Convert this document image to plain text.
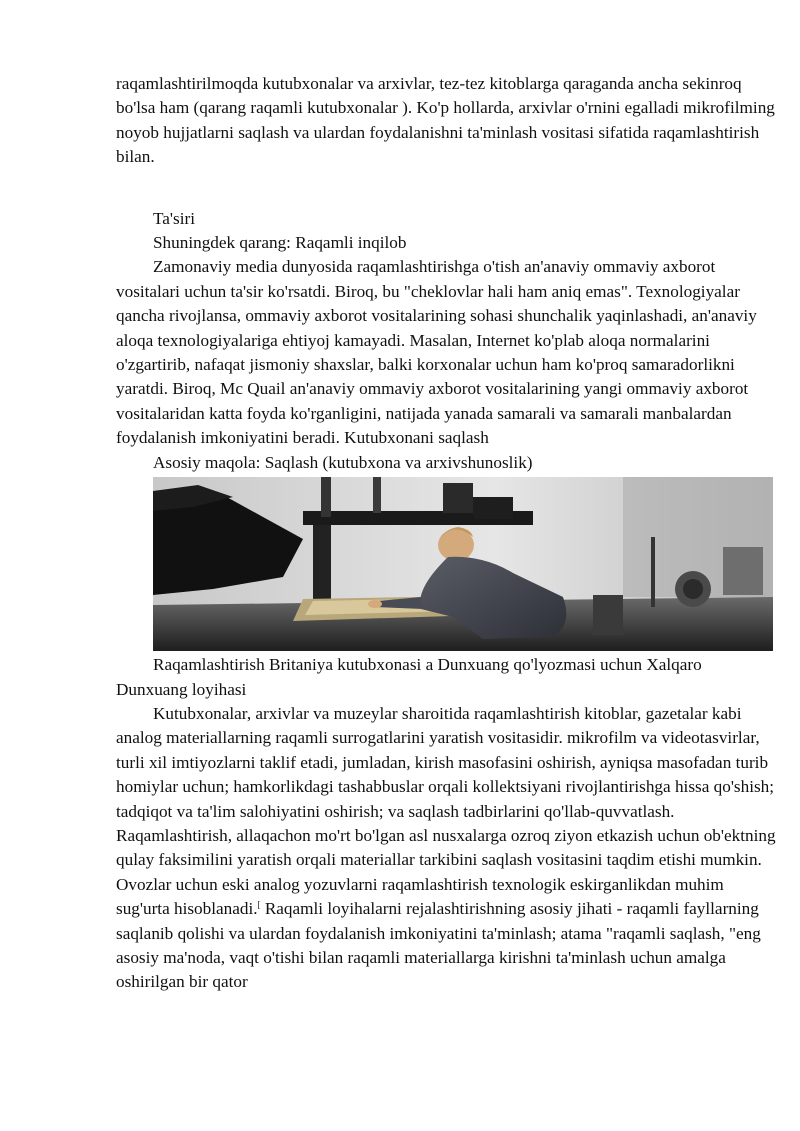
raqamlashtirilmoqda kutubxonalar va arxivlar, tez-tez kitoblarga qaraganda ancha sekinroq bo'lsa ham (qarang raqamli kutubxonalar ). Ko'p hollarda, arxivlar o'rnini egalladi mikrofilming noyob hujjatlarni saqlash va ulardan foydalanishni ta'minlash vositasi sifatida raqamlashtirish bilan.

Ta'siri

Shuningdek qarang: Raqamli inqilob

Zamonaviy media dunyosida raqamlashtirishga o'tish an'anaviy ommaviy axborot vositalari uchun ta'sir ko'rsatdi. Biroq, bu "cheklovlar hali ham aniq emas". Texnologiyalar qancha rivojlansa, ommaviy axborot vositalarining sohasi shunchalik yaqinlashadi, an'anaviy aloqa texnologiyalariga ehtiyoj kamayadi. Masalan, Internet ko'plab aloqa normalarini o'zgartirib, nafaqat jismoniy shaxslar, balki korxonalar uchun ham ko'proq samaradorlikni yaratdi. Biroq, Mc Quail an'anaviy ommaviy axborot vositalarining yangi ommaviy axborot vositalaridan katta foyda ko'rganligini, natijada yanada samarali va samarali manbalardan foydalanish imkoniyatini beradi. Kutubxonani saqlash

Asosiy maqola: Saqlash (kutubxona va arxivshunoslik)

Raqamlashtirish Britaniya kutubxonasi a Dunxuang qo'lyozmasi uchun Xalqaro Dunxuang loyihasi

Kutubxonalar, arxivlar va muzeylar sharoitida raqamlashtirish kitoblar, gazetalar kabi analog materiallarning raqamli surrogatlarini yaratish vositasidir. mikrofilm va videotasvirlar, turli xil imtiyozlarni taklif etadi, jumladan, kirish masofasini oshirish, ayniqsa masofadan turib homiylar uchun; hamkorlikdagi tashabbuslar orqali kollektsiyani rivojlantirishga hissa qo'shish; tadqiqot va ta'lim salohiyatini oshirish; va saqlash tadbirlarini qo'llab-quvvatlash. Raqamlashtirish, allaqachon mo'rt bo'lgan asl nusxalarga ozroq ziyon etkazish uchun ob'ektning qulay faksimilini yaratish orqali materiallar tarkibini saqlash vositasini taqdim etishi mumkin. Ovozlar uchun eski analog yozuvlarni raqamlashtirish texnologik eskirganlikdan muhim sug'urta hisoblanadi.[ Raqamli loyihalarni rejalashtirishning asosiy jihati - raqamli fayllarning saqlanib qolishi va ulardan foydalanish imkoniyatini ta'minlash; atama "raqamli saqlash, "eng asosiy ma'noda, vaqt o'tishi bilan raqamli materiallarga kirishni ta'minlash uchun amalga oshirilgan bir qator
